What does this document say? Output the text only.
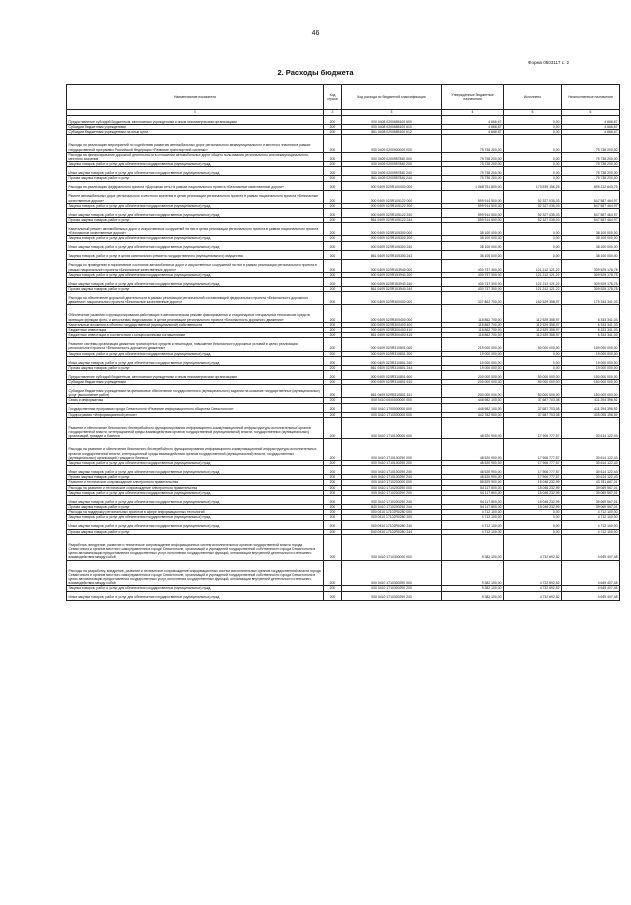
46
Форма 0503117 с. 2
2. Расходы бюджета
Наименование показателя	Код строки	Код расхода по бюджетной классификации	Утвержденные бюджетные назначения	Исполнено	Неисполненные назначения
1	2	3	4	5	6
Предоставление субсидий бюджетным, автономным учреждениям и иным некоммерческим организациям	200	000 0408 0200685100 600	4 666,67	0,00	4 666,67
Субсидии бюджетным учреждениям	200	000 0408 0200685100 610	4 666,67	0,00	4 666,67
Субсидии бюджетным учреждениям на иные цели	200	861 0408 0200685100 612	4 666,67	0,00	4 666,67
Расходы на реализацию мероприятий по содействию развитию автомобильных дорог регионального межмуниципального и местного значения в рамках государственной программы Российской Федерации «Развитие транспортной системы»	200	000 0409 0200900000 000	75 738 200,00	0,00	75 738 200,00
Расходы на финансирование дорожной деятельности в отношении автомобильных дорог общего пользования регионального или межмуниципального, местного значения	200	000 0409 0200957840 000	75 738 200,00	0,00	75 738 200,00
Закупка товаров, работ и услуг для обеспечения государственных (муниципальных) нужд	200	000 0409 0200957840 200	75 738 200,00	0,00	75 738 200,00
Иные закупки товаров, работ и услуг для обеспечения государственных (муниципальных) нужд	200	000 0409 0200957840 240	75 738 200,00	0,00	75 738 200,00
Прочая закупка товаров, работ и услуг	200	861 0409 0200957840 244	75 738 200,00	0,00	75 738 200,00
Расходы на реализацию федерального проекта «Дорожная сеть» в рамках национального проекта «Безопасные качественные дороги»	200	000 0409 02ЛR100000 000	1 068 751 800,00	173 539 156,25	895 212 643,75
Ремонт автомобильных дорог регионального и местного значения в целях реализации регионального проекта в рамках национального проекта «Безопасные качественные дороги»	200	000 0409 02ЛR105122 000	599 914 500,00	52 327 035,03	547 587 464,97
Закупка товаров, работ и услуг для обеспечения государственных (муниципальных) нужд	200	000 0409 02ЛR105122 200	599 914 500,00	52 327 035,03	547 587 464,97
Иные закупки товаров, работ и услуг для обеспечения государственных (муниципальных) нужд	200	000 0409 02ЛR105122 240	599 914 500,00	52 327 035,03	547 587 464,97
Прочая закупка товаров, работ и услуг	200	861 0409 02ЛR105122 244	599 914 500,00	52 327 035,03	547 587 464,97
Капитальный ремонт автомобильных дорог и искусственных сооружений на них в целях реализации регионального проекта в рамках национального проекта «Безопасные качественные дороги»	200	000 0409 02ЛR105300 000	38 100 000,00	0,00	38 100 000,00
Закупка товаров, работ и услуг для обеспечения государственных (муниципальных) нужд	200	000 0409 02ЛR105300 200	38 100 000,00	0,00	38 100 000,00
Иные закупки товаров, работ и услуг для обеспечения государственных (муниципальных) нужд	200	000 0409 02ЛR105300 240	38 100 000,00	0,00	38 100 000,00
Закупка товаров, работ и услуг в целях капитального ремонта государственного (муниципального) имущества	200	861 0409 02ЛR105300 243	38 100 000,00	0,00	38 100 000,00
Расходы по приведению в нормативное состояние автомобильных дорог и искусственных сооружений на них в рамках реализации регионального проекта в рамках национального проекта «Безопасные качественные дороги»	200	000 0409 02ЛR153940 000	430 737 300,00	121 212 121,22	309 525 178,78
Закупка товаров, работ и услуг для обеспечения государственных (муниципальных) нужд	200	000 0409 02ЛR153940 200	430 737 300,00	121 212 121,22	309 525 178,78
Иные закупки товаров, работ и услуг для обеспечения государственных (муниципальных) нужд	200	000 0409 02ЛR153940 240	430 737 300,00	121 212 121,22	309 525 178,78
Прочая закупка товаров, работ и услуг	200	861 0409 02ЛR153940 244	430 737 300,00	121 212 121,22	309 525 178,78
Расходы на обеспечение дорожной деятельности в рамках реализации региональной составляющей федерального проекта «Безопасность дорожного движения» национального проекта «Безопасные качественные дороги»	200	000 0409 02ЛR300000 000	337 862 700,00	162 529 358,97	175 333 341,03
Обеспечение развития и функционирования работающих в автоматическом режиме фиксированных и стационарных специальных технических средств, имеющих функции фото- и киносъемки, видеозаписи, в целях реализации регионального проекта «Безопасность дорожного движения»	200	000 0409 02ЛR300400 000	118 862 700,00	112 529 358,97	6 333 341,03
Капитальные вложения в объекты государственной (муниципальной) собственности	200	000 0409 02ЛR300400 400	118 862 700,00	112 529 358,97	6 333 341,03
Бюджетные инвестиции	200	000 0409 02ЛR300400 410	118 862 700,00	112 529 358,97	6 333 341,03
Бюджетные инвестиции в соответствии с концессионными соглашениями	200	861 0409 02ЛR300400 415	118 862 700,00	112 529 358,97	6 333 341,03
Развитие системы организации движения транспортных средств и пешеходов, повышение безопасности дорожных условий в целях реализации регионального проекта «Безопасность дорожного движения»	200	000 0409 02ЛR310801 000	219 000 000,00	50 000 000,00	169 000 000,00
Закупка товаров, работ и услуг для обеспечения государственных (муниципальных) нужд	200	000 0409 02ЛR310801 200	19 000 000,00	0,00	19 000 000,00
Иные закупки товаров, работ и услуг для обеспечения государственных (муниципальных) нужд	200	000 0409 02ЛR310801 240	19 000 000,00	0,00	19 000 000,00
Прочая закупка товаров, работ и услуг	200	861 0409 02ЛR310801 244	19 000 000,00	0,00	19 000 000,00
Предоставление субсидий бюджетным, автономным учреждениям и иным некоммерческим организациям	200	000 0409 02ЛR310801 600	200 000 000,00	50 000 000,00	150 000 000,00
Субсидии бюджетным учреждениям	200	000 0409 02ЛR310801 610	200 000 000,00	50 000 000,00	150 000 000,00
Субсидии бюджетным учреждениям на финансовое обеспечение государственного (муниципального) задания на оказание государственных (муниципальных) услуг (выполнение работ)	200	861 0409 02ЛR310801 611	200 000 000,00	50 000 000,00	150 000 000,00
Связь и информатика	200	000 0410 0000000000 000	448 982 100,00	37 687 703,08	411 294 396,92
Государственная программа города Севастополя «Развитие информационного общества Севастополя»	200	000 0410 1700000000 000	448 982 100,00	37 687 703,08	411 294 396,92
Подпрограмма «Информационный регион»	200	000 0410 1710000000 000	442 782 900,00	37 687 703,08	405 095 196,92
Развитие и обеспечение безопасного бесперебойного функционирования информационно-коммуникационной инфраструктуры исполнительных органов государственной власти, интеграционной среды взаимодействия органов государственной (муниципальной) власти, государственных (муниципальных) организаций, граждан и бизнеса	200	000 0410 1710100000 000	48 520 900,00	17 906 777,57	30 614 122,43
Расходы на развитие и обеспечение безопасного бесперебойного функционирования информационно-коммуникационной инфраструктуры исполнительных органов государственной власти, интеграционной среды взаимодействия органов государственной (муниципальной) власти, государственных (муниципальных) организаций, граждан и бизнеса	200	000 0410 1710100290 000	48 520 900,00	17 906 777,57	30 614 122,43
Закупка товаров, работ и услуг для обеспечения государственных (муниципальных) нужд	200	000 0410 1710100290 200	48 520 900,00	17 906 777,57	30 614 122,43
Иные закупки товаров, работ и услуг для обеспечения государственных (муниципальных) нужд	200	000 0410 1710100290 240	48 520 900,00	17 906 777,57	30 614 122,43
Прочая закупка товаров, работ и услуг	200	840 0410 1710100290 244	48 520 900,00	17 906 777,57	30 614 122,43
Развитие и техническое сопровождение электронного правительства	200	000 0410 1710200000 000	58 829 900,00	15 048 232,99	43 781 667,01
Расходы на развитие и техническое сопровождение электронного правительства	200	000 0410 1710200290 000	54 117 800,00	15 048 232,99	39 069 567,01
Закупка товаров, работ и услуг для обеспечения государственных (муниципальных) нужд	200	000 0410 1710200290 200	54 117 800,00	15 048 232,99	39 069 567,01
Иные закупки товаров, работ и услуг для обеспечения государственных (муниципальных) нужд	200	000 0410 1710200290 240	54 117 800,00	15 048 232,99	39 069 567,01
Прочая закупка товаров, работ и услуг	200	840 0410 1710200290 244	54 117 800,00	15 048 232,99	39 069 567,01
Расходы на поддержку региональных проектов в сфере информационных технологий	200	000 0410 17102R0280 000	4 712 100,00	0,00	4 712 100,00
Закупка товаров, работ и услуг для обеспечения государственных (муниципальных) нужд	200	000 0410 17102R0280 200	4 712 100,00	0,00	4 712 100,00
Иные закупки товаров, работ и услуг для обеспечения государственных (муниципальных) нужд	200	000 0410 17102R0280 240	4 712 100,00	0,00	4 712 100,00
Прочая закупка товаров, работ и услуг	200	840 0410 17102R0280 244	4 712 100,00	0,00	4 712 100,00
Разработка, внедрение, развитие и техническое сопровождение информационных систем исполнительных органов государственной власти города Севастополя и органов местного самоуправления в городе Севастополе, организаций и учреждений государственной собственности города Севастополя в целях автоматизации предоставления государственных услуг, исполнения государственных функций, оптимизации внутренней деятельности и внешнего взаимодействия между собой	200	000 0410 1710300000 000	9 382 100,00	4 732 692,52	4 649 407,48
Расходы на разработку, внедрение, развитие и техническое сопровождение информационных систем исполнительных органов государственной власти города Севастополя и органов местного самоуправления в городе Севастополе, организаций и учреждений государственной собственности города Севастополя в целях автоматизации предоставления государственных услуг, исполнения государственных функций, оптимизации внутренней деятельности и внешнего взаимодействия между собой	200	000 0410 1710300290 000	9 382 100,00	4 732 692,52	4 649 407,48
Закупка товаров, работ и услуг для обеспечения государственных (муниципальных) нужд	200	000 0410 1710300290 200	9 382 100,00	4 732 692,52	4 649 407,48
Иные закупки товаров, работ и услуг для обеспечения государственных (муниципальных) нужд	200	000 0410 1710300290 240	9 382 100,00	4 732 692,52	4 649 407,48
